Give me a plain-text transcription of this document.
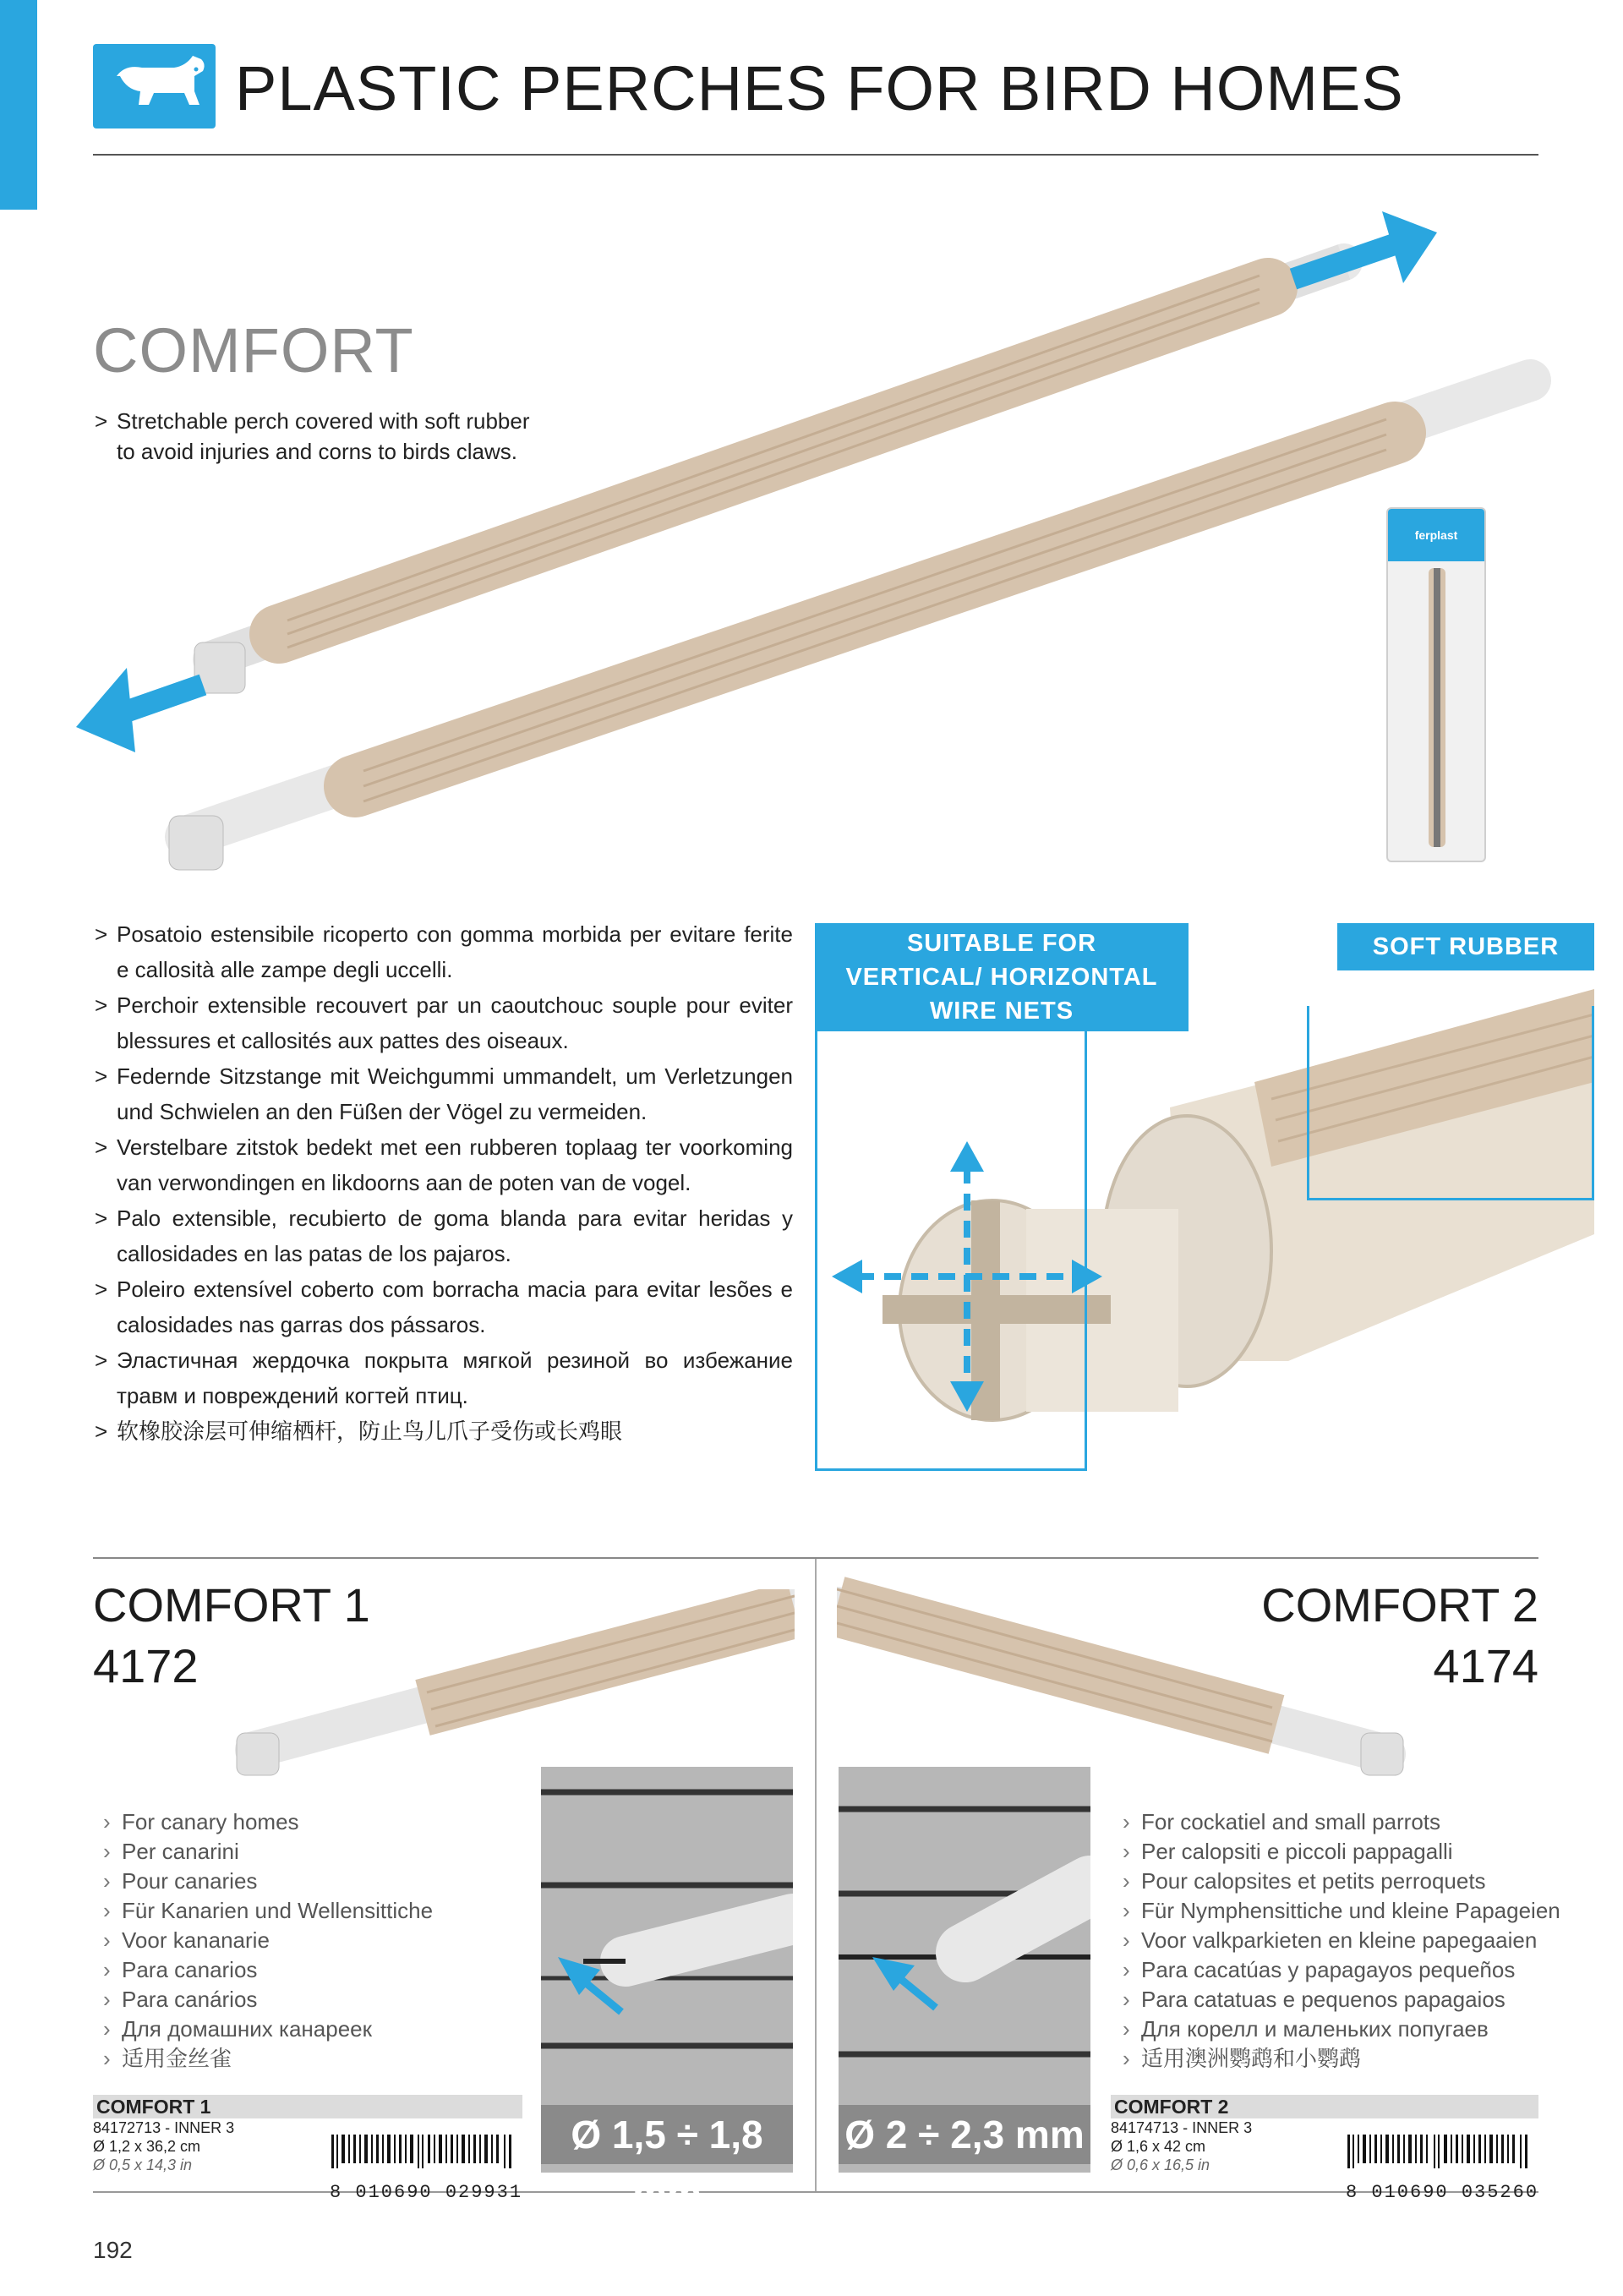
PLASTIC PERCHES FOR BIRD HOMES
ferplast
COMFORT
> Stretchable perch covered with soft rubber
to avoid injuries and corns to birds claws.
> Posatoio estensibile ricoperto con gomma morbida per evitare ferite e callosità alle zampe degli uccelli.
> Perchoir extensible recouvert par un caoutchouc souple pour eviter blessures et callosités aux pattes des oiseaux.
> Federnde Sitzstange mit Weichgummi ummandelt, um Verletzungen und Schwielen an den Füßen der Vögel zu vermeiden.
> Verstelbare zitstok bedekt met een rubberen toplaag ter voorkoming van verwondingen en likdoorns aan de poten van de vogel.
> Palo extensible, recubierto de goma blanda para evitar heridas y callosidades en las patas de los pajaros.
> Poleiro extensível coberto com borracha macia para evitar lesões e calosidades nas garras dos pássaros.
> Эластичная жердочка покрыта мягкой резиной во избежание травм и повреждений когтей птиц.
> 软橡胶涂层可伸缩栖杆，防止鸟儿爪子受伤或长鸡眼
SUITABLE FOR
VERTICAL/ HORIZONTAL
WIRE NETS
SOFT RUBBER
COMFORT 1
4172
› For canary homes
› Per canarini
› Pour canaries
› Für Kanarien und Wellensittiche
› Voor kananarie
› Para canarios
› Para canários
› Для домашних канареек
› 适用金丝雀
COMFORT 1
84172713 - INNER 3
Ø 1,2 x 36,2 cm
Ø 0,5 x 14,3 in
8 010690 029931
Ø 1,5 ÷ 1,8 mm
COMFORT 2
4174
Ø 2 ÷ 2,3 mm
› For cockatiel and small parrots
› Per calopsiti e piccoli pappagalli
› Pour calopsites et petits perroquets
› Für Nymphensittiche und kleine Papageien
› Voor valkparkieten en kleine papegaaien
› Para cacatúas y papagayos pequeños
› Para catatuas e pequenos papagaios
› Для корелл и маленьких попугаев
› 适用澳洲鹦鹉和小鹦鹉
COMFORT 2
84174713 - INNER 3
Ø 1,6 x 42 cm
Ø 0,6 x 16,5 in
8 010690 035260
192
